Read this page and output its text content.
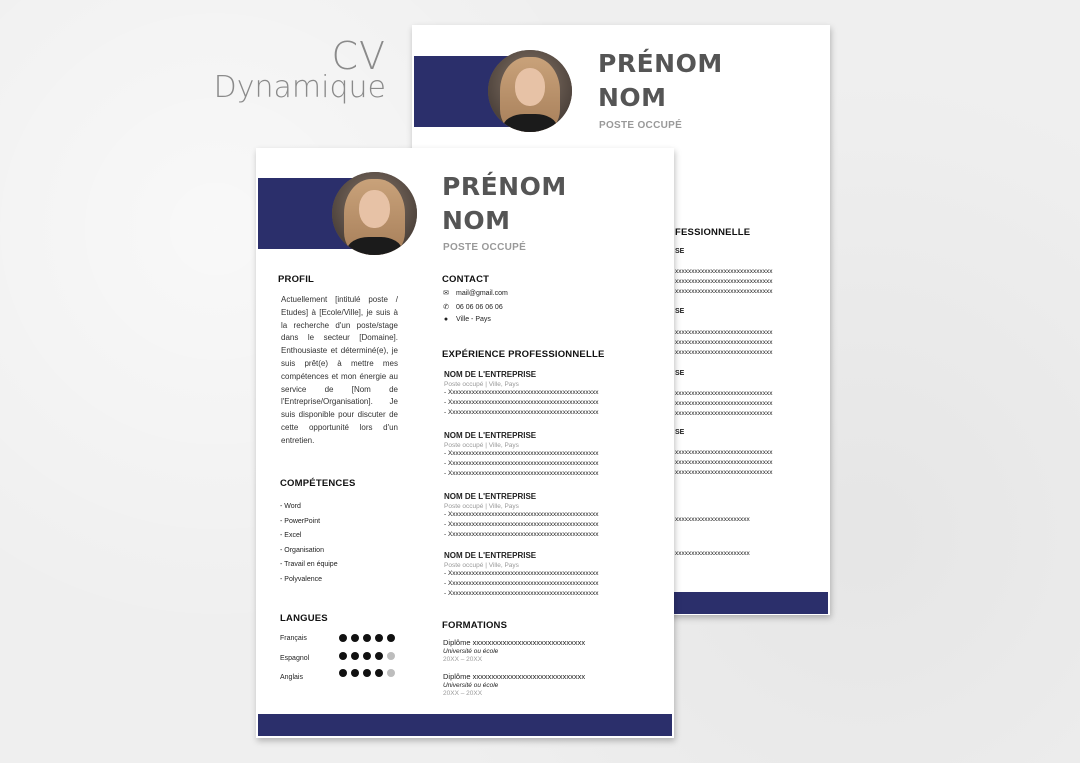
CV
Dynamique
PRÉNOM
NOM
POSTE OCCUPÉ
FESSIONNELLE
SE
xxxxxxxxxxxxxxxxxxxxxxxxxxxxxx
xxxxxxxxxxxxxxxxxxxxxxxxxxxxxx
xxxxxxxxxxxxxxxxxxxxxxxxxxxxxx
SE
xxxxxxxxxxxxxxxxxxxxxxxxxxxxxx
xxxxxxxxxxxxxxxxxxxxxxxxxxxxxx
xxxxxxxxxxxxxxxxxxxxxxxxxxxxxx
SE
xxxxxxxxxxxxxxxxxxxxxxxxxxxxxx
xxxxxxxxxxxxxxxxxxxxxxxxxxxxxx
xxxxxxxxxxxxxxxxxxxxxxxxxxxxxx
SE
xxxxxxxxxxxxxxxxxxxxxxxxxxxxxx
xxxxxxxxxxxxxxxxxxxxxxxxxxxxxx
xxxxxxxxxxxxxxxxxxxxxxxxxxxxxx
xxxxxxxxxxxxxxxxxxxxxxx
xxxxxxxxxxxxxxxxxxxxxxx
PRÉNOM
NOM
POSTE OCCUPÉ
PROFIL
Actuellement [intitulé poste / Etudes] à [Ecole/Ville], je suis à la recherche d'un poste/stage dans le secteur [Domaine]. Enthousiaste et déterminé(e), je suis prêt(e) à mettre mes compétences et mon énergie au service de [Nom de l'Entreprise/Organisation]. Je suis disponible pour discuter de cette opportunité lors d'un entretien.
COMPÉTENCES
- Word
- PowerPoint
- Excel
- Organisation
- Travail en équipe
- Polyvalence
LANGUES
Français
Espagnol
Anglais
CONTACT
✉ mail@gmail.com
✆ 06 06 06 06 06
● Ville - Pays
EXPÉRIENCE PROFESSIONNELLE
NOM DE L'ENTREPRISE
Poste occupé | Ville, Pays
- Xxxxxxxxxxxxxxxxxxxxxxxxxxxxxxxxxxxxxxxxxxxxxx
- Xxxxxxxxxxxxxxxxxxxxxxxxxxxxxxxxxxxxxxxxxxxxxx
- Xxxxxxxxxxxxxxxxxxxxxxxxxxxxxxxxxxxxxxxxxxxxxx
NOM DE L'ENTREPRISE
Poste occupé | Ville, Pays
- Xxxxxxxxxxxxxxxxxxxxxxxxxxxxxxxxxxxxxxxxxxxxxx
- Xxxxxxxxxxxxxxxxxxxxxxxxxxxxxxxxxxxxxxxxxxxxxx
- Xxxxxxxxxxxxxxxxxxxxxxxxxxxxxxxxxxxxxxxxxxxxxx
NOM DE L'ENTREPRISE
Poste occupé | Ville, Pays
- Xxxxxxxxxxxxxxxxxxxxxxxxxxxxxxxxxxxxxxxxxxxxxx
- Xxxxxxxxxxxxxxxxxxxxxxxxxxxxxxxxxxxxxxxxxxxxxx
- Xxxxxxxxxxxxxxxxxxxxxxxxxxxxxxxxxxxxxxxxxxxxxx
NOM DE L'ENTREPRISE
Poste occupé | Ville, Pays
- Xxxxxxxxxxxxxxxxxxxxxxxxxxxxxxxxxxxxxxxxxxxxxx
- Xxxxxxxxxxxxxxxxxxxxxxxxxxxxxxxxxxxxxxxxxxxxxx
- Xxxxxxxxxxxxxxxxxxxxxxxxxxxxxxxxxxxxxxxxxxxxxx
FORMATIONS
Diplôme xxxxxxxxxxxxxxxxxxxxxxxxxxxxxx
Université ou école
20XX – 20XX
Diplôme xxxxxxxxxxxxxxxxxxxxxxxxxxxxxx
Université ou école
20XX – 20XX
